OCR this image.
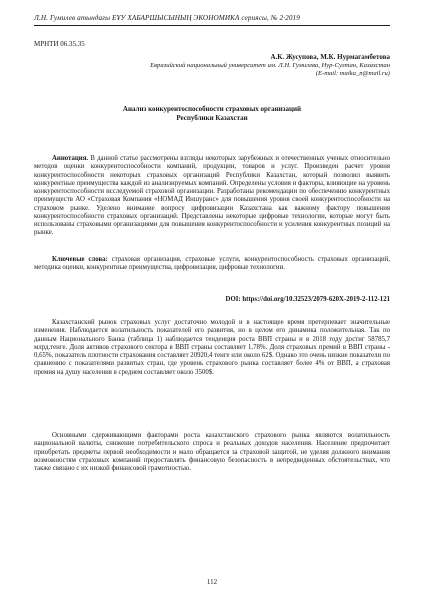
Л.Н. Гумилев атындағы ЕҰУ ХАБАРШЫСЫНЫҢ ЭКОНОМИКА сериясы, № 2·2019
МРНТИ 06.35.35
А.К. Жусупова, М.К. Нурмагамбетова
Евразийский национальный университет им. Л.Н. Гумилева, Нур-Султан, Казахстан
(E-mail: maika_n@mail.ru)
Анализ конкурентоспособности страховых организаций
Республики Казахстан
Аннотация. В данной статье рассмотрены взгляды некоторых зарубежных и отечественных ученых относительно методов оценки конкурентоспособности компаний, продукции, товаров и услуг. Произведен расчет уровня конкурентоспособности некоторых страховых организаций Республики Казахстан, который позволил выявить конкурентные преимущества каждой из анализируемых компаний. Определены условия и факторы, влияющие на уровень конкурентоспособности исследуемой страховой организации. Разработаны рекомендации по обеспечению конкурентных преимуществ АО «Страховая Компания «НОМАД Иншуранс» для повышения уровня своей конкурентоспособности на страховом рынке. Уделено внимание вопросу цифровизации Казахстана как важному фактору повышения конкурентоспособности страховых организаций. Представлены некоторые цифровые технологии, которые могут быть использованы страховыми организациями для повышения конкурентоспособности и усиления конкурентных позиций на рынке.
Ключевые слова: страховая организация, страховые услуги, конкурентоспособность страховых организаций, методика оценки, конкурентные преимущества, цифровизация, цифровые технологии.
DOI: https://doi.org/10.32523/2079-620X-2019-2-112-121
Казахстанский рынок страховых услуг достаточно молодой и в настоящее время претерпевает значительные изменения. Наблюдается волатильность показателей его развития, но в целом его динамика положительная. Так по данным Национального Банка (таблица 1) наблюдается тенденция роста ВВП страны и в 2018 году достиг 58785,7 млрд.тенге. Доля активов страхового сектора в ВВП страны составляет 1,78%. Доля страховых премий в ВВП страны - 0,65%, показатель плотности страхования составляет 20920,4 тенге или около 62$. Однако это очень низкие показатели по сравнению с показателями развитых стран, где уровень страхового рынка составляет более 4% от ВВП, а страховая премия на душу населения в среднем составляет около 3500$.
Основными сдерживающими факторами роста казахстанского страхового рынка являются волатильность национальной валюты, снижение потребительского спроса и реальных доходов населения. Население предпочитает приобретать предметы первой необходимости и мало обращается за страховой защитой, не уделяя должного внимания возможностям страховых компаний предоставлять финансовую безопасность в непредвиденных обстоятельствах, что также связано с их низкой финансовой грамотностью.
112
